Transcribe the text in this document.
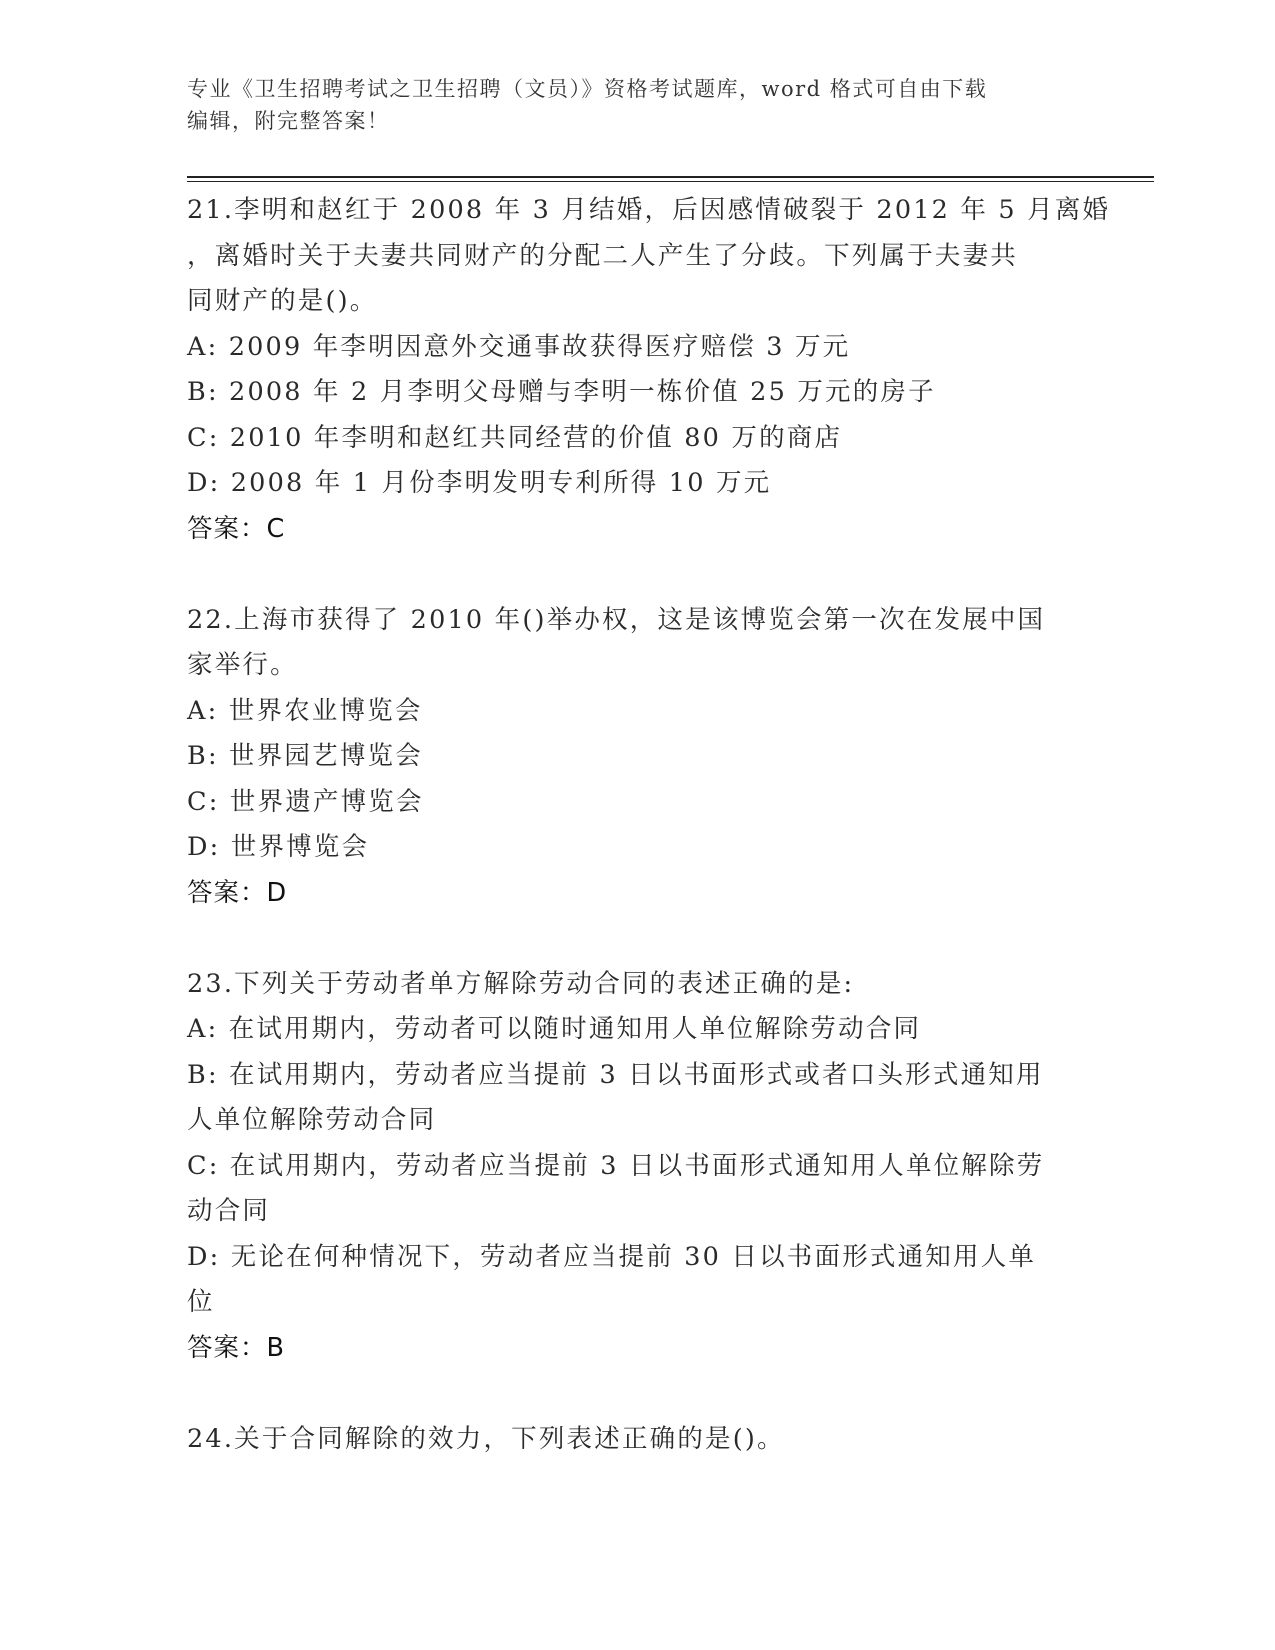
专业《卫生招聘考试之卫生招聘（文员）》资格考试题库，word 格式可自由下载
编辑，附完整答案！
21.李明和赵红于 2008 年 3 月结婚，后因感情破裂于 2012 年 5 月离婚
，离婚时关于夫妻共同财产的分配二人产生了分歧。下列属于夫妻共
同财产的是()。
A: 2009 年李明因意外交通事故获得医疗赔偿 3 万元
B: 2008 年 2 月李明父母赠与李明一栋价值 25 万元的房子
C: 2010 年李明和赵红共同经营的价值 80 万的商店
D: 2008 年 1 月份李明发明专利所得 10 万元
答案：C
22.上海市获得了 2010 年()举办权，这是该博览会第一次在发展中国
家举行。
A: 世界农业博览会
B: 世界园艺博览会
C: 世界遗产博览会
D: 世界博览会
答案：D
23.下列关于劳动者单方解除劳动合同的表述正确的是:
A: 在试用期内，劳动者可以随时通知用人单位解除劳动合同
B: 在试用期内，劳动者应当提前 3 日以书面形式或者口头形式通知用
人单位解除劳动合同
C: 在试用期内，劳动者应当提前 3 日以书面形式通知用人单位解除劳
动合同
D: 无论在何种情况下，劳动者应当提前 30 日以书面形式通知用人单
位
答案：B
24.关于合同解除的效力，下列表述正确的是()。
